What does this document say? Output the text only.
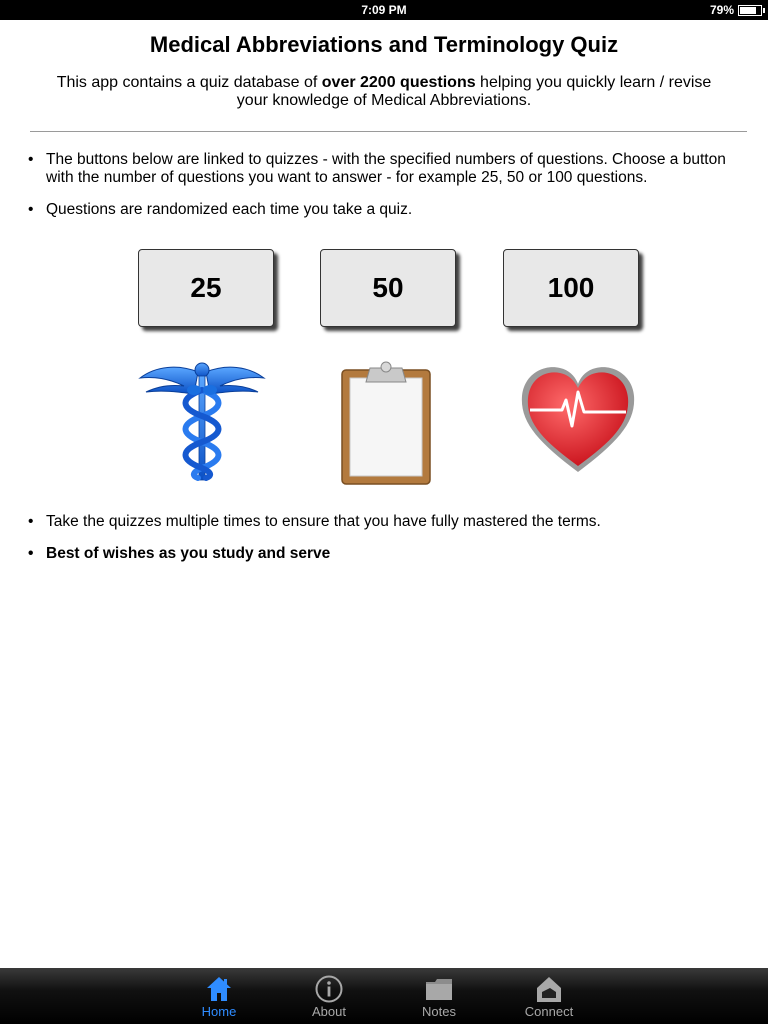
7:09 PM	79%
Medical Abbreviations and Terminology Quiz
This app contains a quiz database of over 2200 questions helping you quickly learn / revise your knowledge of Medical Abbreviations.
• The buttons below are linked to quizzes - with the specified numbers of questions. Choose a button with the number of questions you want to answer - for example 25, 50 or 100 questions.
• Questions are randomized each time you take a quiz.
25	50	100
• Take the quizzes multiple times to ensure that you have fully mastered the terms.
• Best of wishes as you study and serve
Home	About	Notes	Connect
